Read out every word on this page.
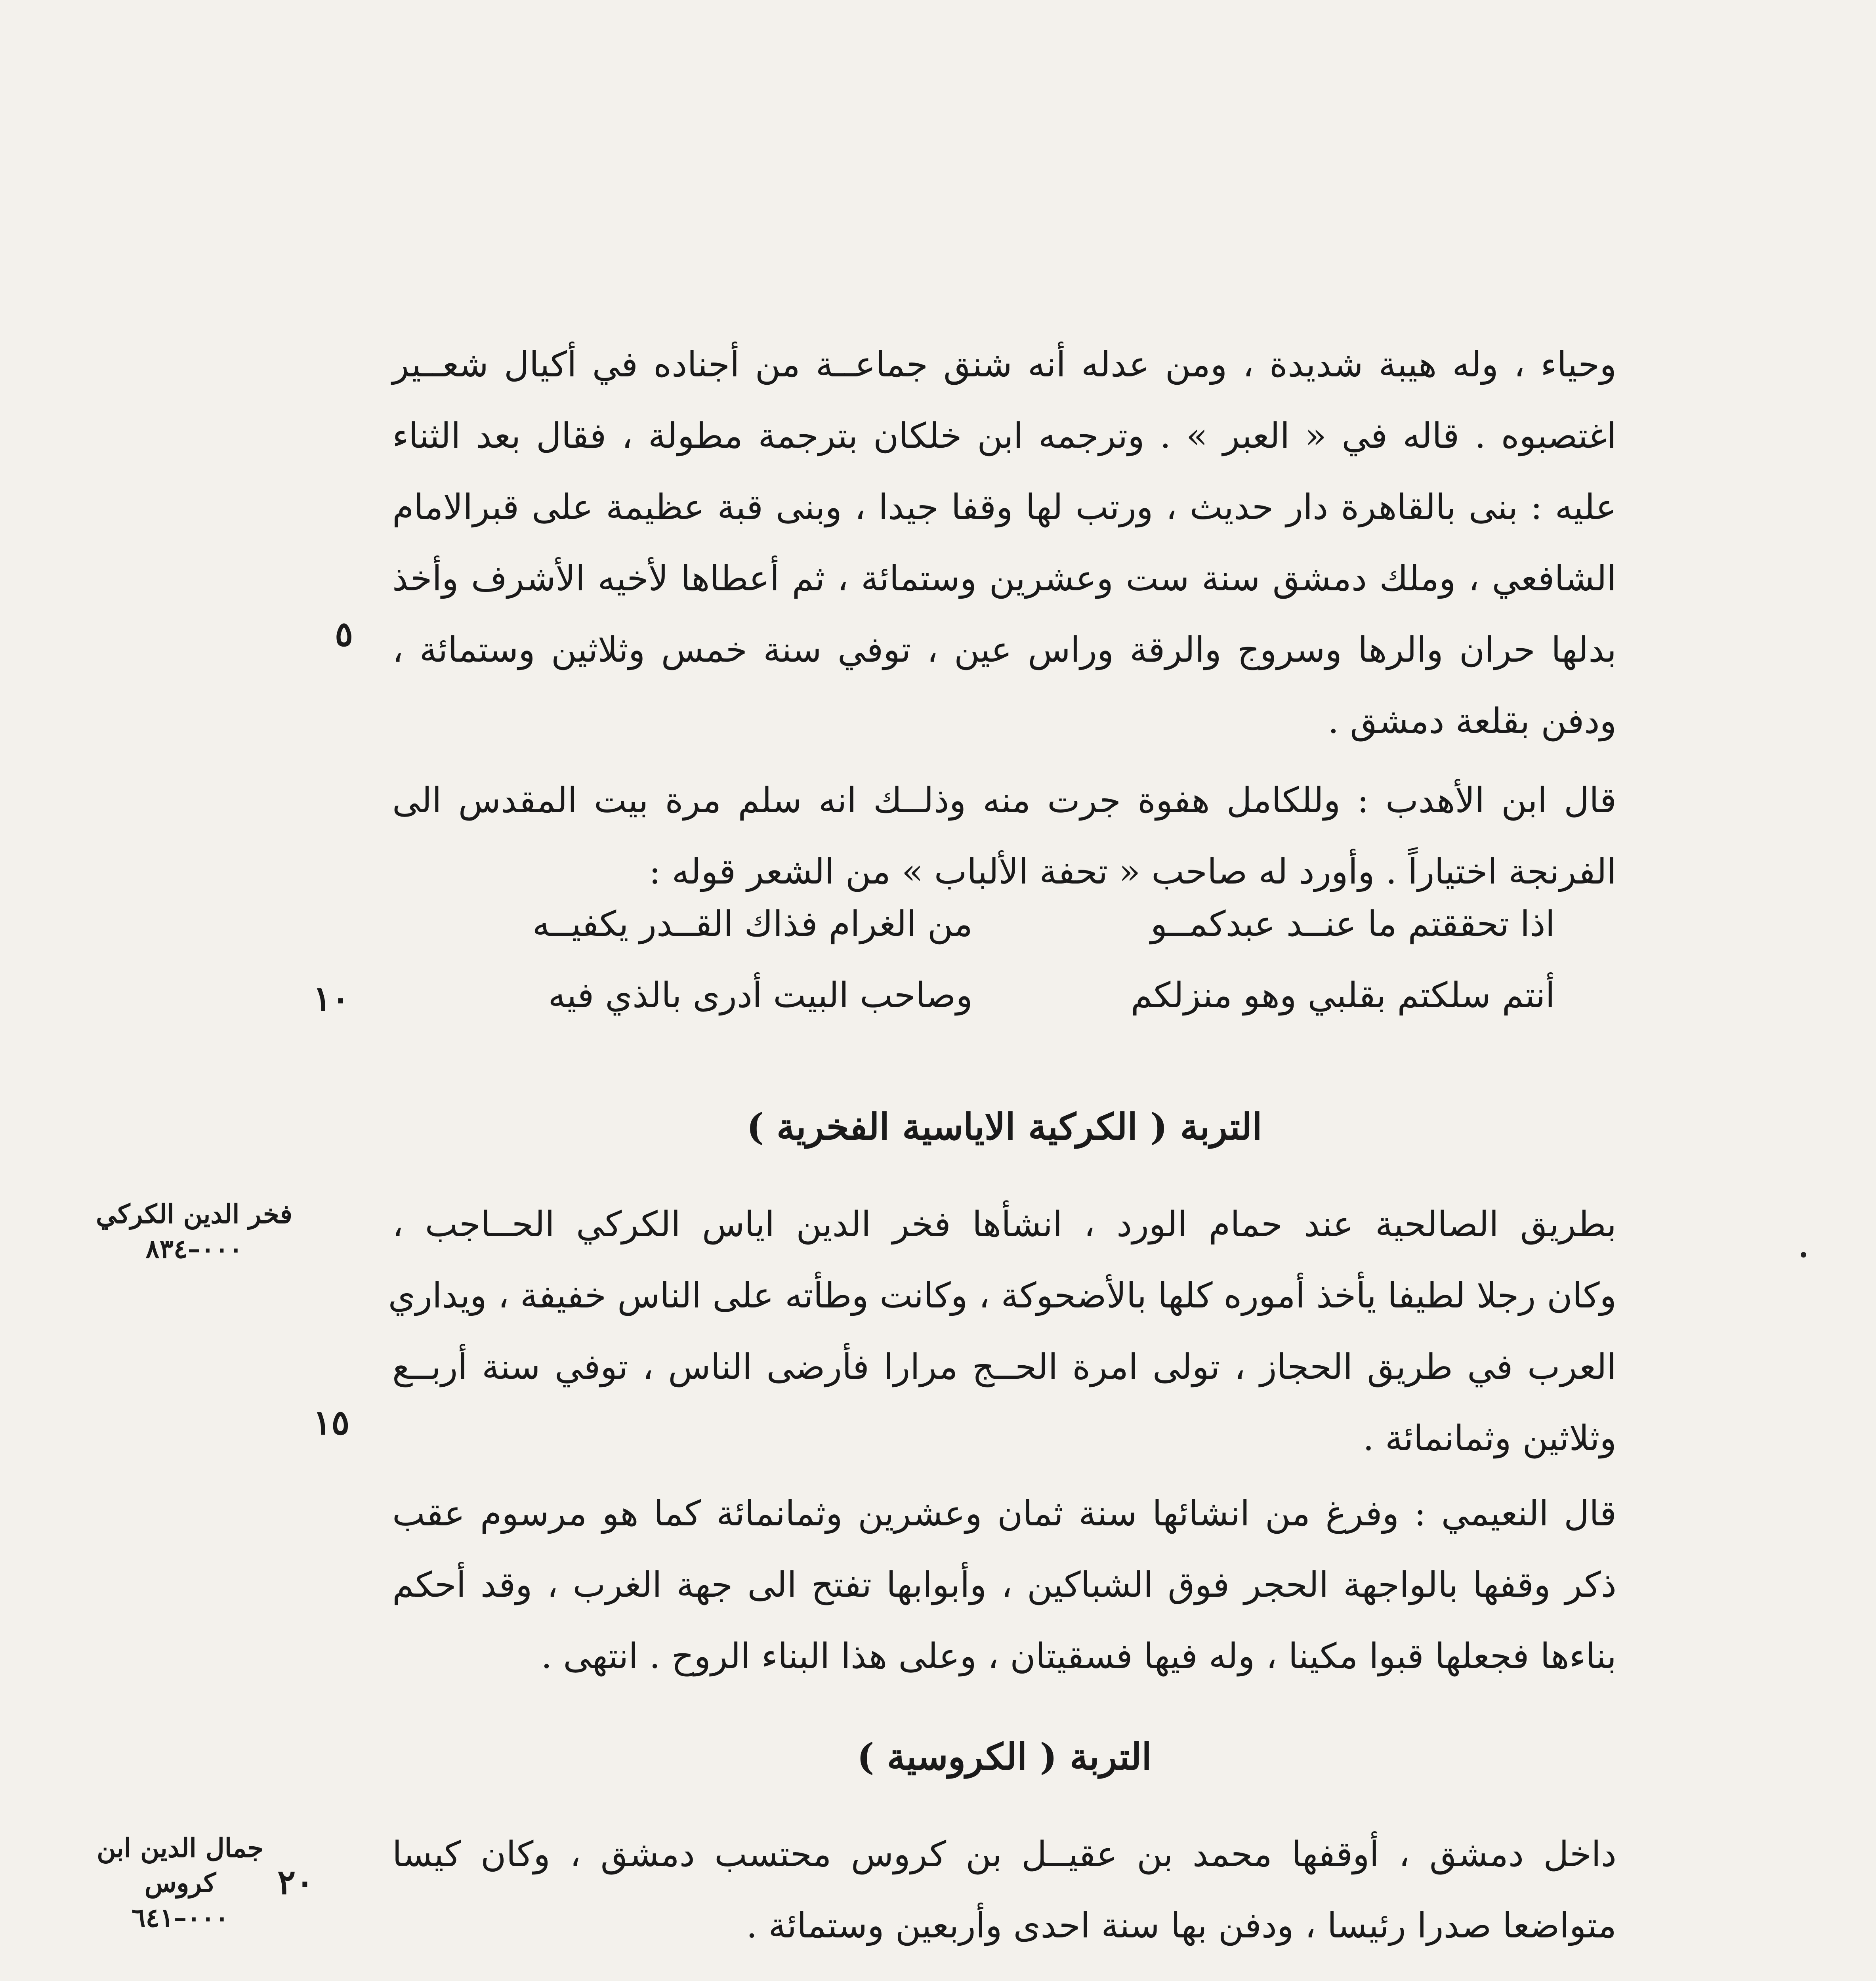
وحياء ، وله هيبة شديدة ، ومن عدله أنه شنق جماعــة من أجناده في أكيال شعــير
اغتصبوه . قاله في « العبر » . وترجمه ابن خلكان بترجمة مطولة ، فقال بعد الثناء
عليه : بنى بالقاهرة دار حديث ، ورتب لها وقفا جيدا ، وبنى قبة عظيمة على قبرالامام
الشافعي ، وملك دمشق سنة ست وعشرين وستمائة ، ثم أعطاها لأخيه الأشرف وأخذ
بدلها حران والرها وسروج والرقة وراس عين ، توفي سنة خمس وثلاثين وستمائة ،
ودفن بقلعة دمشق .
قال ابن الأهدب : وللكامل هفوة جرت منه وذلــك انه سلم مرة بيت المقدس الى
الفرنجة اختياراً . وأورد له صاحب « تحفة الألباب » من الشعر قوله :
اذا تحققتم ما عنــد عبدكمــو
من الغرام فذاك القــدر يكفيــه
أنتم سلكتم بقلبي وهو منزلكم
وصاحب البيت أدرى بالذي فيه
التربة ( الكركية الاياسية الفخرية )
بطريق الصالحية عند حمام الورد ، انشأها فخر الدين اياس الكركي الحــاجب ،
وكان رجلا لطيفا يأخذ أموره كلها بالأضحوكة ، وكانت وطأته على الناس خفيفة ، ويداري
العرب في طريق الحجاز ، تولى امرة الحــج مرارا فأرضى الناس ، توفي سنة أربــع
وثلاثين وثمانمائة .
قال النعيمي : وفرغ من انشائها سنة ثمان وعشرين وثمانمائة كما هو مرسوم عقب
ذكر وقفها بالواجهة الحجر فوق الشباكين ، وأبوابها تفتح الى جهة الغرب ، وقد أحكم
بناءها فجعلها قبوا مكينا ، وله فيها فسقيتان ، وعلى هذا البناء الروح . انتهى .
التربة ( الكروسية )
داخل دمشق ، أوقفها محمد بن عقيــل بن كروس محتسب دمشق ، وكان كيسا
متواضعا صدرا رئيسا ، ودفن بها سنة احدى وأربعين وستمائة .
٥
١٠
١٥
٢٠
فخر الدين الكركي
٠٠٠–٨٣٤
جمال الدين ابن
كروس
٠٠٠–٦٤١
